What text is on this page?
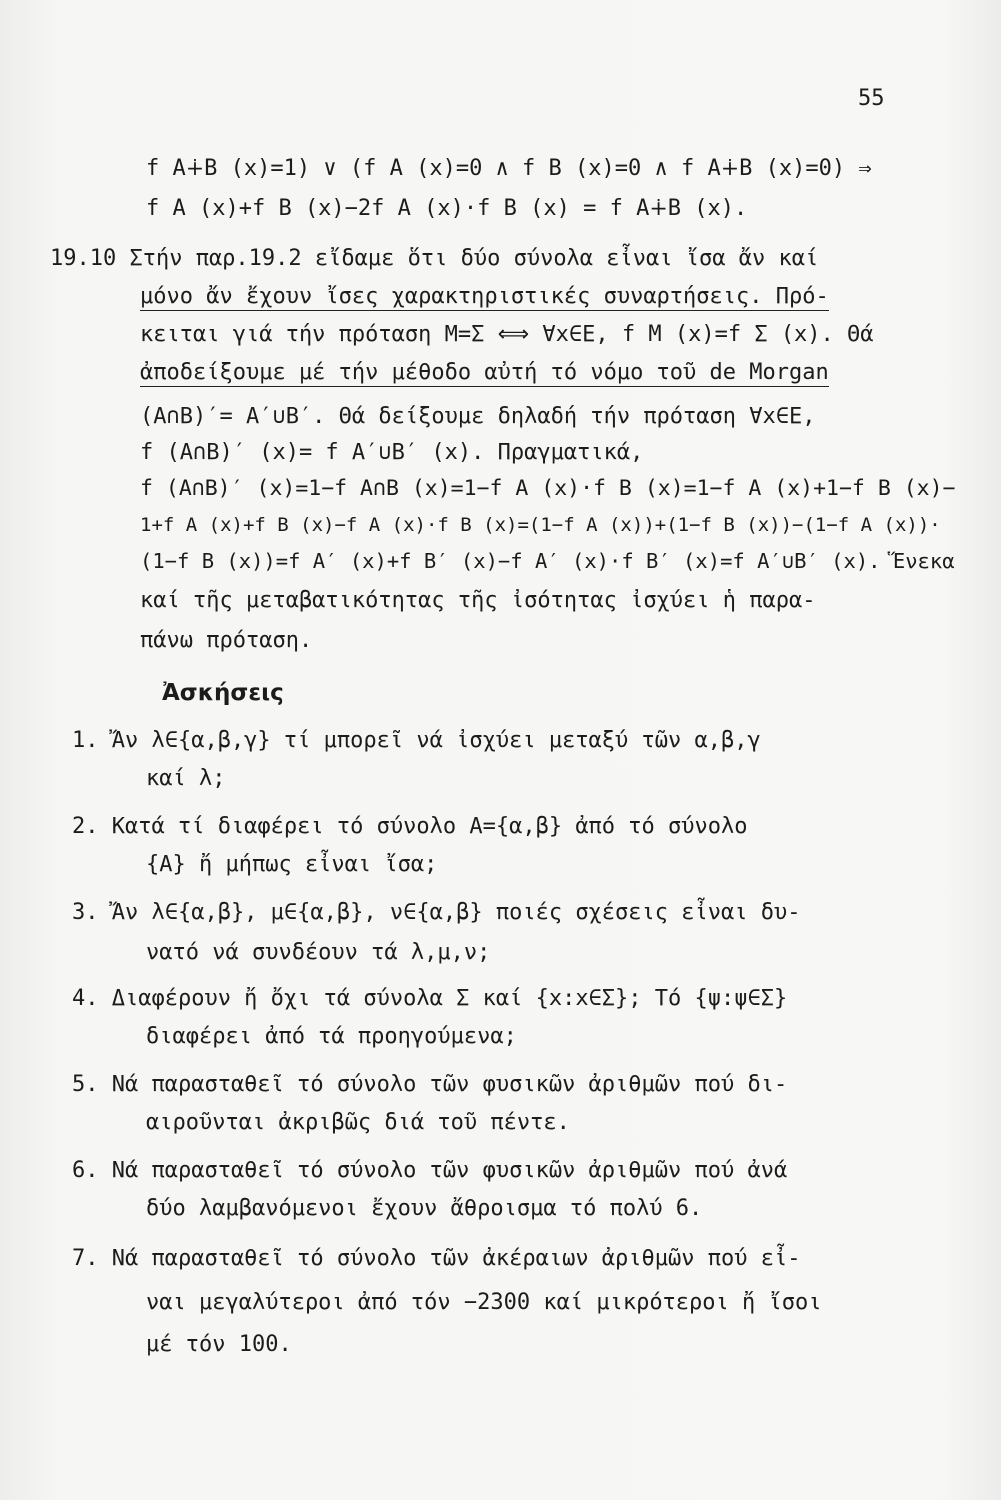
55
f A∔B (x)=1) ∨ (f A (x)=0 ∧ f B (x)=0 ∧ f A∔B (x)=0) ⇒
f A (x)+f B (x)−2f A (x)·f B (x) = f A∔B (x).
19.10 Στήν παρ.19.2 εἴδαμε ὅτι δύο σύνολα εἶναι ἴσα ἄν καί
μόνο ἄν ἔχουν ἴσες χαρακτηριστικές συναρτήσεις. Πρό-
κειται γιά τήν πρόταση Μ=Σ ⟺ ∀x∈Ε, f M (x)=f Σ (x). Θά
ἀποδείξουμε μέ τήν μέθοδο αὐτή τό νόμο τοῦ de Morgan
(Α∩Β)′= Α′∪Β′. Θά δείξουμε δηλαδή τήν πρόταση ∀x∈Ε,
f (Α∩Β)′ (x)= f Α′∪Β′ (x). Πραγματικά,
f (Α∩Β)′ (x)=1−f Α∩Β (x)=1−f Α (x)·f Β (x)=1−f Α (x)+1−f Β (x)−
1+f Α (x)+f Β (x)−f Α (x)·f Β (x)=(1−f Α (x))+(1−f Β (x))−(1−f Α (x))·
(1−f Β (x))=f Α′ (x)+f Β′ (x)−f Α′ (x)·f Β′ (x)=f Α′∪Β′ (x). Ἕνεκα
καί τῆς μεταβατικότητας τῆς ἰσότητας ἰσχύει ἡ παρα-
πάνω πρόταση.
Ἀσκήσεις
1. Ἄν λ∈{α,β,γ} τί μπορεῖ νά ἰσχύει μεταξύ τῶν α,β,γ
καί λ;
2. Κατά τί διαφέρει τό σύνολο Α={α,β} ἀπό τό σύνολο
{Α} ἤ μήπως εἶναι ἴσα;
3. Ἄν λ∈{α,β}, μ∈{α,β}, ν∈{α,β} ποιές σχέσεις εἶναι δυ-
νατό νά συνδέουν τά λ,μ,ν;
4. Διαφέρουν ἤ ὄχι τά σύνολα Σ καί {x:x∈Σ}; Τό {ψ:ψ∈Σ}
διαφέρει ἀπό τά προηγούμενα;
5. Νά παρασταθεῖ τό σύνολο τῶν φυσικῶν ἀριθμῶν πού δι-
αιροῦνται ἀκριβῶς διά τοῦ πέντε.
6. Νά παρασταθεῖ τό σύνολο τῶν φυσικῶν ἀριθμῶν πού ἀνά
δύο λαμβανόμενοι ἔχουν ἄθροισμα τό πολύ 6.
7. Νά παρασταθεῖ τό σύνολο τῶν ἀκέραιων ἀριθμῶν πού εἶ-
ναι μεγαλύτεροι ἀπό τόν −2300 καί μικρότεροι ἤ ἴσοι
μέ τόν 100.
